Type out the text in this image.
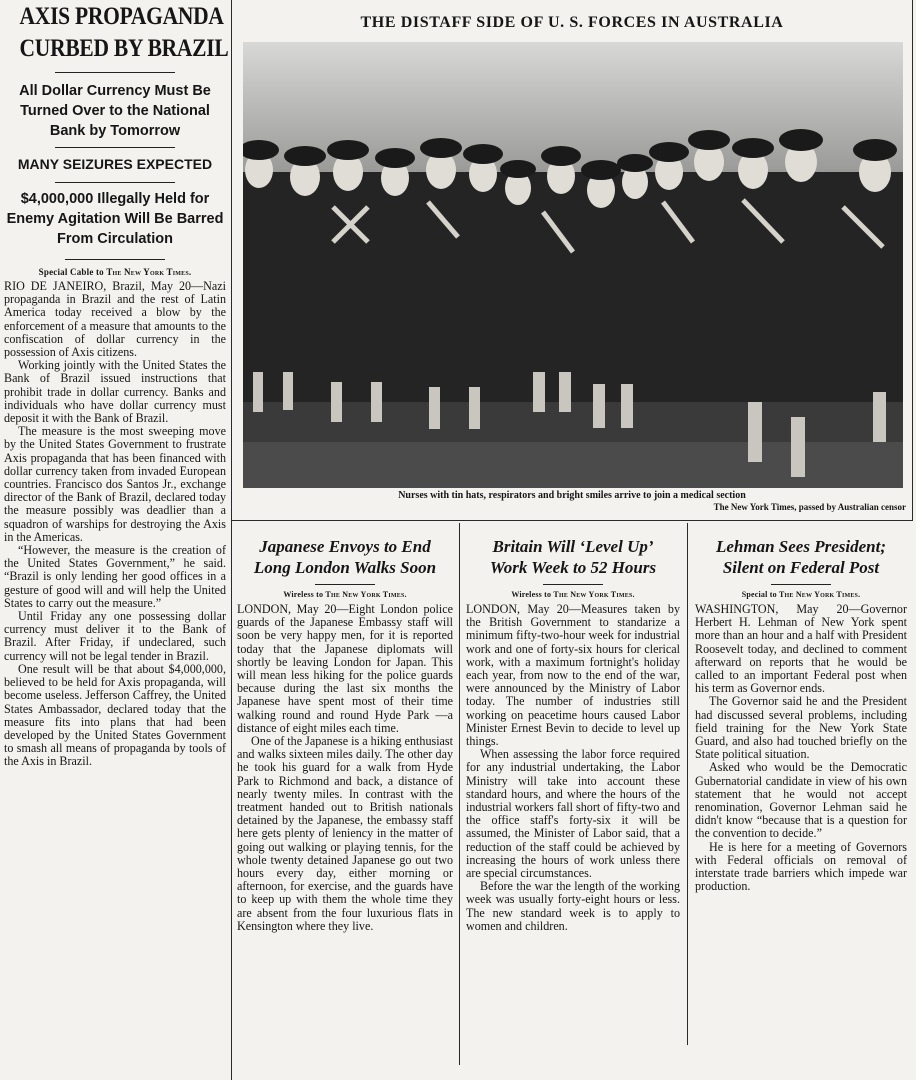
AXIS PROPAGANDA
CURBED BY BRAZIL
All Dollar Currency Must Be Turned Over to the National Bank by Tomorrow
MANY SEIZURES EXPECTED
$4,000,000 Illegally Held for Enemy Agitation Will Be Barred From Circulation
Special Cable to The New York Times.

RIO DE JANEIRO, Brazil, May 20—Nazi propaganda in Brazil and the rest of Latin America today received a blow by the enforcement of a measure that amounts to the confiscation of dollar currency in the possession of Axis citizens.

Working jointly with the United States the Bank of Brazil issued instructions that prohibit trade in dollar currency. Banks and individuals who have dollar currency must deposit it with the Bank of Brazil.

The measure is the most sweeping move by the United States Government to frustrate Axis propaganda that has been financed with dollar currency taken from invaded European countries. Francisco dos Santos Jr., exchange director of the Bank of Brazil, declared today the measure possibly was deadlier than a squadron of warships for destroying the Axis in the Americas.

“However, the measure is the creation of the United States Government,” he said. “Brazil is only lending her good offices in a gesture of good will and will help the United States to carry out the measure.”

Until Friday any one possessing dollar currency must deliver it to the Bank of Brazil. After Friday, if undeclared, such currency will not be legal tender in Brazil.

One result will be that about $4,000,000, believed to be held for Axis propaganda, will become useless. Jefferson Caffrey, the United States Ambassador, declared today that the measure fits into plans that had been developed by the United States Government to smash all means of propaganda by tools of the Axis in Brazil.

THE DISTAFF SIDE OF U. S. FORCES IN AUSTRALIA
Nurses with tin hats, respirators and bright smiles arrive to join a medical section
The New York Times, passed by Australian censor
Japanese Envoys to End
Long London Walks Soon
Wireless to The New York Times.

LONDON, May 20—Eight London police guards of the Japanese Embassy staff will soon be very happy men, for it is reported today that the Japanese diplomats will shortly be leaving London for Japan. This will mean less hiking for the police guards because during the last six months the Japanese have spent most of their time walking round and round Hyde Park —a distance of eight miles each time.

One of the Japanese is a hiking enthusiast and walks sixteen miles daily. The other day he took his guard for a walk from Hyde Park to Richmond and back, a distance of nearly twenty miles. In contrast with the treatment handed out to British nationals detained by the Japanese, the embassy staff here gets plenty of leniency in the matter of going out walking or playing tennis, for the whole twenty detained Japanese go out two hours every day, either morning or afternoon, for exercise, and the guards have to keep up with them the whole time they are absent from the four luxurious flats in Kensington where they live.

Britain Will ‘Level Up’
Work Week to 52 Hours
Wireless to The New York Times.

LONDON, May 20—Measures taken by the British Government to standarize a minimum fifty-two-hour week for industrial work and one of forty-six hours for clerical work, with a maximum fortnight's holiday each year, from now to the end of the war, were announced by the Ministry of Labor today. The number of industries still working on peacetime hours caused Labor Minister Ernest Bevin to decide to level up things.

When assessing the labor force required for any industrial undertaking, the Labor Ministry will take into account these standard hours, and where the hours of the industrial workers fall short of fifty-two and the office staff's forty-six it will be assumed, the Minister of Labor said, that a reduction of the staff could be achieved by increasing the hours of work unless there are special circumstances.

Before the war the length of the working week was usually forty-eight hours or less. The new standard week is to apply to women and children.

Lehman Sees President;
Silent on Federal Post
Special to The New York Times.

WASHINGTON, May 20—Governor Herbert H. Lehman of New York spent more than an hour and a half with President Roosevelt today, and declined to comment afterward on reports that he would be called to an important Federal post when his term as Governor ends.

The Governor said he and the President had discussed several problems, including field training for the New York State Guard, and also had touched briefly on the State political situation.

Asked who would be the Democratic Gubernatorial candidate in view of his own statement that he would not accept renomination, Governor Lehman said he didn't know “because that is a question for the convention to decide.”

He is here for a meeting of Governors with Federal officials on removal of interstate trade barriers which impede war production.
